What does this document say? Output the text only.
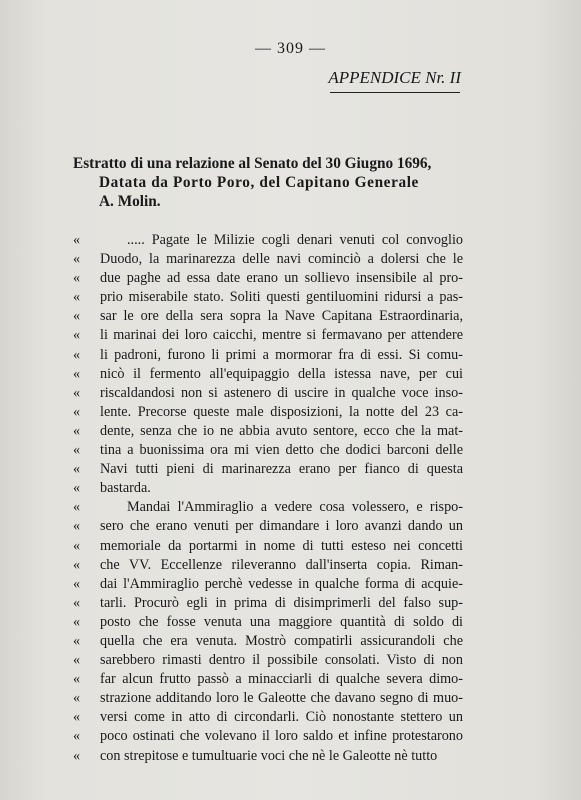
— 309 —
APPENDICE Nr. II
Estratto di una relazione al Senato del 30 Giugno 1696,
Datata da Porto Poro, del Capitano Generale
A. Molin.
«	..... Pagate le Milizie cogli denari venuti col convoglio
« Duodo, la marinarezza delle navi cominciò a dolersi che le
« due paghe ad essa date erano un sollievo insensibile al pro-
« prio miserabile stato. Soliti questi gentiluomini ridursi a pas-
« sar le ore della sera sopra la Nave Capitana Estraordinaria,
« li marinai dei loro caicchi, mentre si fermavano per attendere
« li padroni, furono li primi a mormorar fra di essi. Si comu-
« nicò il fermento all'equipaggio della istessa nave, per cui
« riscaldandosi non si astenero di uscire in qualche voce inso-
« lente. Precorse queste male disposizioni, la notte del 23 ca-
« dente, senza che io ne abbia avuto sentore, ecco che la mat-
« tina a buonissima ora mi vien detto che dodici barconi delle
« Navi tutti pieni di marinarezza erano per fianco di questa
« bastarda.
«	Mandai l'Ammiraglio a vedere cosa volessero, e rispo-
« sero che erano venuti per dimandare i loro avanzi dando un
« memoriale da portarmi in nome di tutti esteso nei concetti
« che VV. Eccellenze rileveranno dall'inserta copia. Riman-
« dai l'Ammiraglio perchè vedesse in qualche forma di acquie-
« tarli. Procurò egli in prima di disimprimerli del falso sup-
« posto che fosse venuta una maggiore quantità di soldo di
« quella che era venuta. Mostrò compatirli assicurandoli che
« sarebbero rimasti dentro il possibile consolati. Visto di non
« far alcun frutto passò a minacciarli di qualche severa dimo-
« strazione additando loro le Galeotte che davano segno di muo-
« versi come in atto di circondarli. Ciò nonostante stettero un
« poco ostinati che volevano il loro saldo et infine protestarono
« con strepitose e tumultuarie voci che nè le Galeotte nè tutto
